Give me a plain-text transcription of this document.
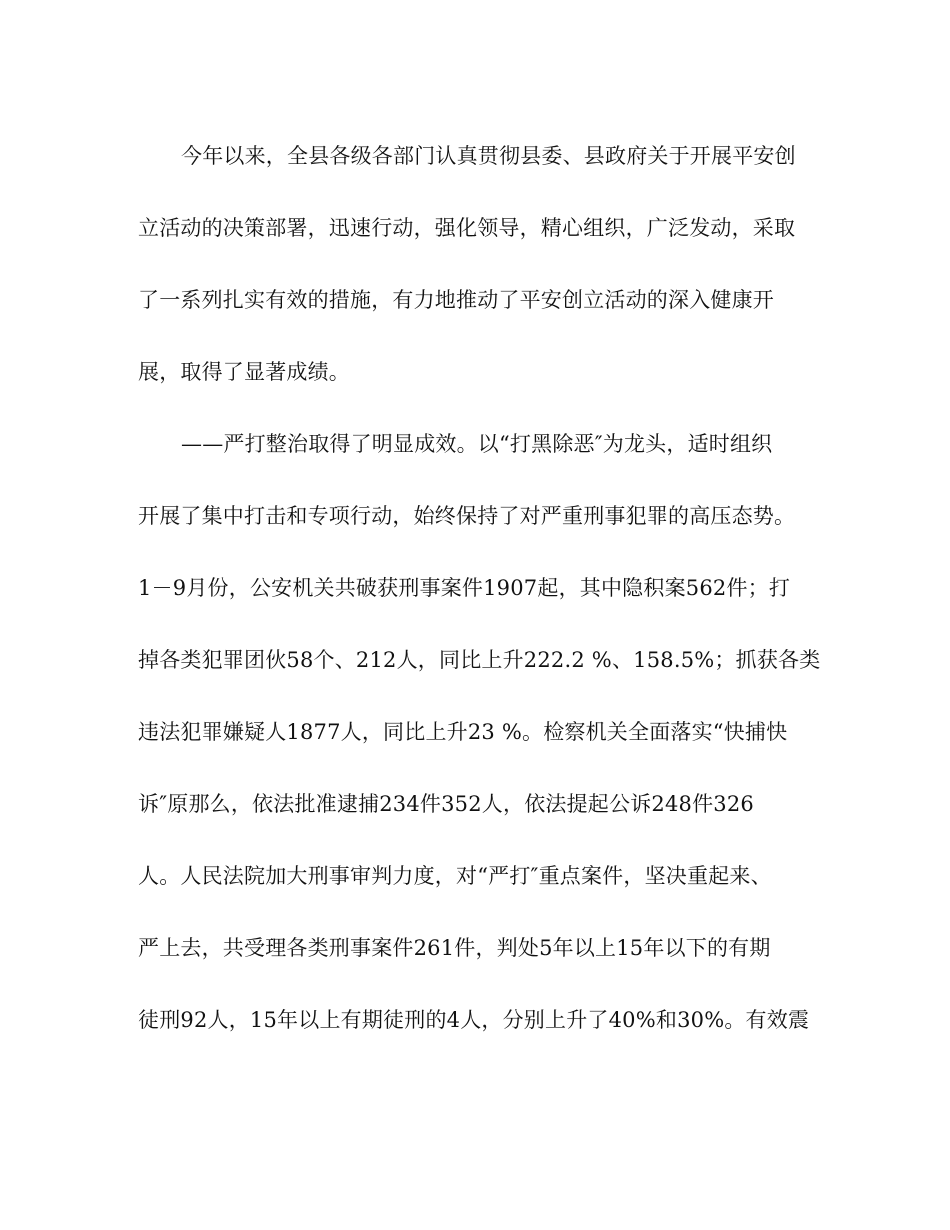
今年以来，全县各级各部门认真贯彻县委、县政府关于开展平安创
立活动的决策部署，迅速行动，强化领导，精心组织，广泛发动，采取
了一系列扎实有效的措施，有力地推动了平安创立活动的深入健康开
展，取得了显著成绩。
——严打整治取得了明显成效。以“打黑除恶″为龙头，适时组织
开展了集中打击和专项行动，始终保持了对严重刑事犯罪的高压态势。
1－9月份，公安机关共破获刑事案件1907起，其中隐积案562件；打
掉各类犯罪团伙58个、212人，同比上升222.2 %、158.5%；抓获各类
违法犯罪嫌疑人1877人，同比上升23 %。检察机关全面落实“快捕快
诉″原那么，依法批准逮捕234件352人，依法提起公诉248件326
人。人民法院加大刑事审判力度，对“严打″重点案件，坚决重起来、
严上去，共受理各类刑事案件261件，判处5年以上15年以下的有期
徒刑92人，15年以上有期徒刑的4人，分别上升了40%和30%。有效震
